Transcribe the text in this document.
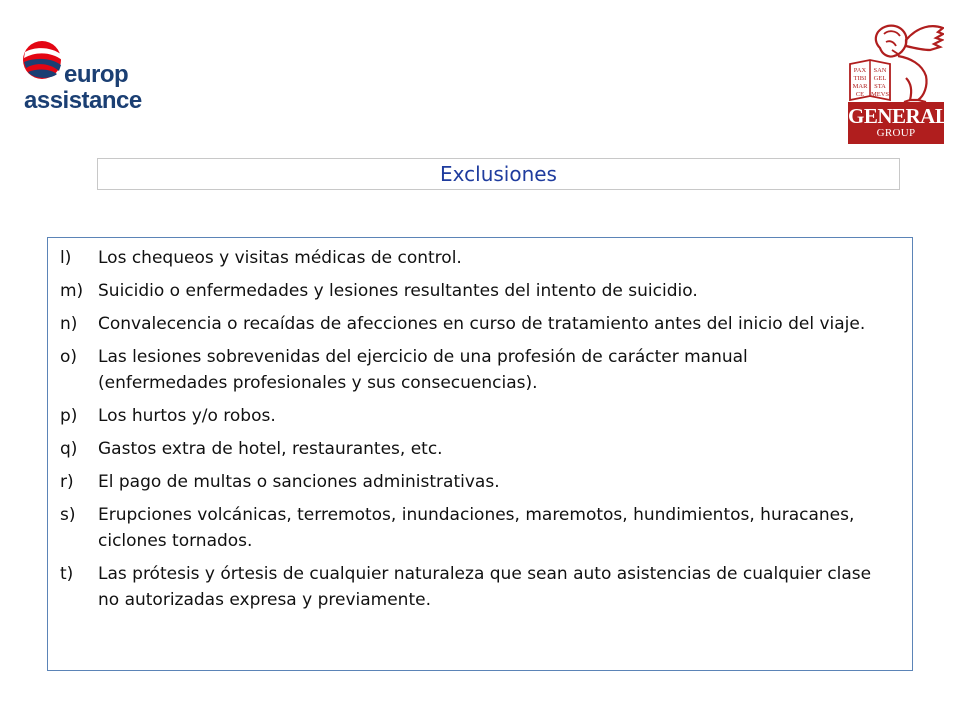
europ
assistance
PAX
TIBI
MAR
CE
SAN
GEL
STA
MEVS
GENERALI
GROUP
Exclusiones
l)	Los chequeos y visitas médicas de control.
m) Suicidio o enfermedades y lesiones resultantes del intento de suicidio.
n)	Convalecencia o recaídas de afecciones en curso de tratamiento antes del inicio del viaje.
o)	Las lesiones sobrevenidas del ejercicio de una profesión de carácter manual (enfermedades profesionales y sus consecuencias).
p)	Los hurtos y/o robos.
q)	Gastos extra de hotel, restaurantes, etc.
r)	El pago de multas o sanciones administrativas.
s)	Erupciones volcánicas, terremotos, inundaciones, maremotos, hundimientos, huracanes, ciclones tornados.
t)	Las prótesis y órtesis de cualquier naturaleza que sean auto asistencias de cualquier clase no autorizadas expresa y previamente.
